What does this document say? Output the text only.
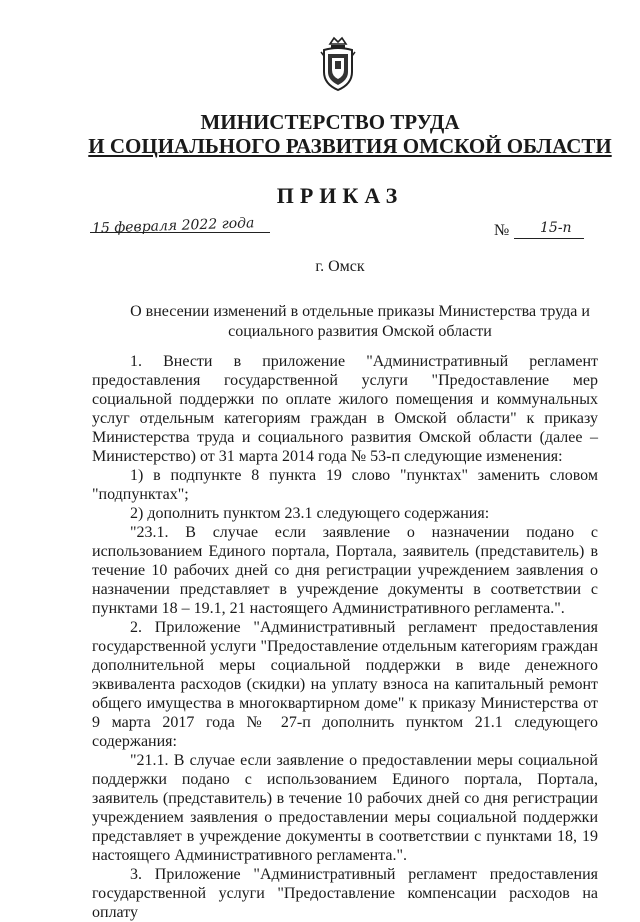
МИНИСТЕРСТВО ТРУДА
И СОЦИАЛЬНОГО РАЗВИТИЯ ОМСКОЙ ОБЛАСТИ
ПРИКАЗ
15 февраля 2022 года	№ 15-п
г. Омск
О внесении изменений в отдельные приказы Министерства труда и
социального развития Омской области

1. Внести в приложение "Административный регламент предоставления государственной услуги "Предоставление мер социальной поддержки по оплате жилого помещения и коммунальных услуг отдельным категориям граждан в Омской области" к приказу Министерства труда и социального развития Омской области (далее – Министерство) от 31 марта 2014 года № 53-п следующие изменения:

1) в подпункте 8 пункта 19 слово "пунктах" заменить словом "подпунктах";

2) дополнить пунктом 23.1 следующего содержания:

"23.1. В случае если заявление о назначении подано с использованием Единого портала, Портала, заявитель (представитель) в течение 10 рабочих дней со дня регистрации учреждением заявления о назначении представляет в учреждение документы в соответствии с пунктами 18 – 19.1, 21 настоящего Административного регламента.".

2. Приложение "Административный регламент предоставления государственной услуги "Предоставление отдельным категориям граждан дополнительной меры социальной поддержки в виде денежного эквивалента расходов (скидки) на уплату взноса на капитальный ремонт общего имущества в многоквартирном доме" к приказу Министерства от 9 марта 2017 года № 27-п дополнить пунктом 21.1 следующего содержания:

"21.1. В случае если заявление о предоставлении меры социальной поддержки подано с использованием Единого портала, Портала, заявитель (представитель) в течение 10 рабочих дней со дня регистрации учреждением заявления о предоставлении меры социальной поддержки представляет в учреждение документы в соответствии с пунктами 18, 19 настоящего Административного регламента.".

3. Приложение "Административный регламент предоставления государственной услуги "Предоставление компенсации расходов на оплату
